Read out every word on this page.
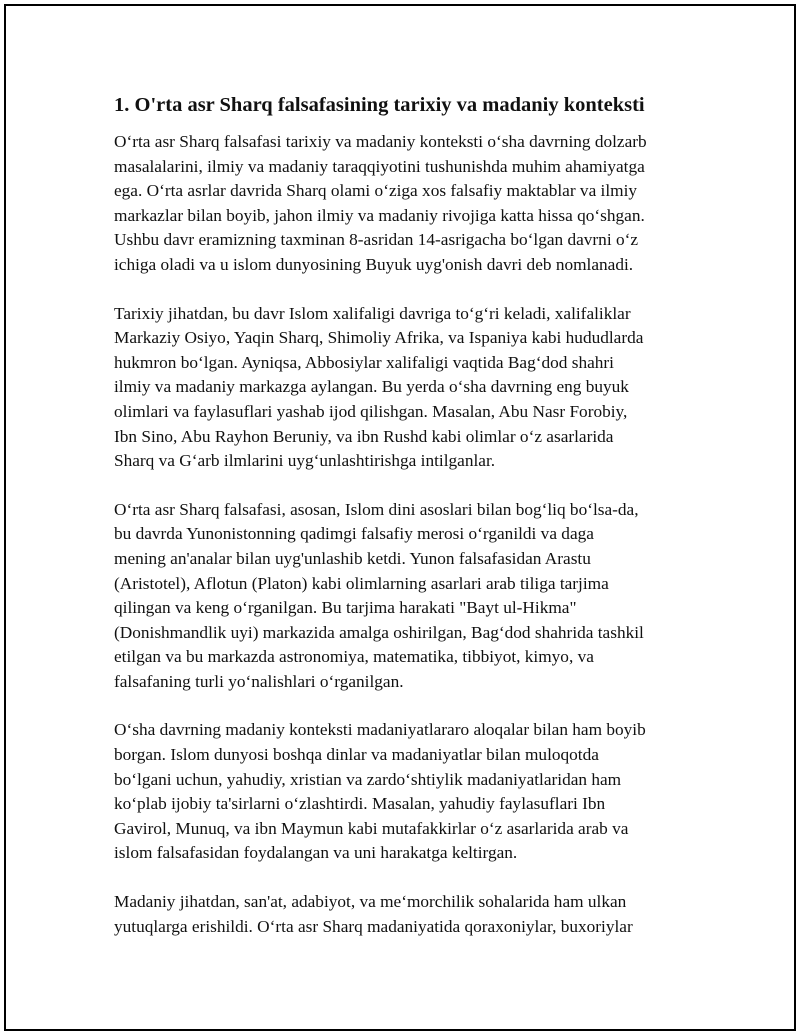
1. O'rta asr Sharq falsafasining tarixiy va madaniy konteksti

O‘rta asr Sharq falsafasi tarixiy va madaniy konteksti o‘sha davrning dolzarb
masalalarini, ilmiy va madaniy taraqqiyotini tushunishda muhim ahamiyatga
ega. O‘rta asrlar davrida Sharq olami o‘ziga xos falsafiy maktablar va ilmiy
markazlar bilan boyib, jahon ilmiy va madaniy rivojiga katta hissa qo‘shgan.
Ushbu davr eramizning taxminan 8-asridan 14-asrigacha bo‘lgan davrni o‘z
ichiga oladi va u islom dunyosining Buyuk uyg'onish davri deb nomlanadi.

Tarixiy jihatdan, bu davr Islom xalifaligi davriga to‘g‘ri keladi, xalifaliklar
Markaziy Osiyo, Yaqin Sharq, Shimoliy Afrika, va Ispaniya kabi hududlarda
hukmron bo‘lgan. Ayniqsa, Abbosiylar xalifaligi vaqtida Bag‘dod shahri
ilmiy va madaniy markazga aylangan. Bu yerda o‘sha davrning eng buyuk
olimlari va faylasuflari yashab ijod qilishgan. Masalan, Abu Nasr Forobiy,
Ibn Sino, Abu Rayhon Beruniy, va ibn Rushd kabi olimlar o‘z asarlarida
Sharq va G‘arb ilmlarini uyg‘unlashtirishga intilganlar.

O‘rta asr Sharq falsafasi, asosan, Islom dini asoslari bilan bog‘liq bo‘lsa-da,
bu davrda Yunonistonning qadimgi falsafiy merosi o‘rganildi va daga
mening an'analar bilan uyg'unlashib ketdi. Yunon falsafasidan Arastu
(Aristotel), Aflotun (Platon) kabi olimlarning asarlari arab tiliga tarjima
qilingan va keng o‘rganilgan. Bu tarjima harakati "Bayt ul-Hikma"
(Donishmandlik uyi) markazida amalga oshirilgan, Bag‘dod shahrida tashkil
etilgan va bu markazda astronomiya, matematika, tibbiyot, kimyo, va
falsafaning turli yo‘nalishlari o‘rganilgan.

O‘sha davrning madaniy konteksti madaniyatlararo aloqalar bilan ham boyib
borgan. Islom dunyosi boshqa dinlar va madaniyatlar bilan muloqotda
bo‘lgani uchun, yahudiy, xristian va zardo‘shtiylik madaniyatlaridan ham
ko‘plab ijobiy ta'sirlarni o‘zlashtirdi. Masalan, yahudiy faylasuflari Ibn
Gavirol, Munuq, va ibn Maymun kabi mutafakkirlar o‘z asarlarida arab va
islom falsafasidan foydalangan va uni harakatga keltirgan.

Madaniy jihatdan, san'at, adabiyot, va me‘morchilik sohalarida ham ulkan
yutuqlarga erishildi. O‘rta asr Sharq madaniyatida qoraxoniylar, buxoriylar
